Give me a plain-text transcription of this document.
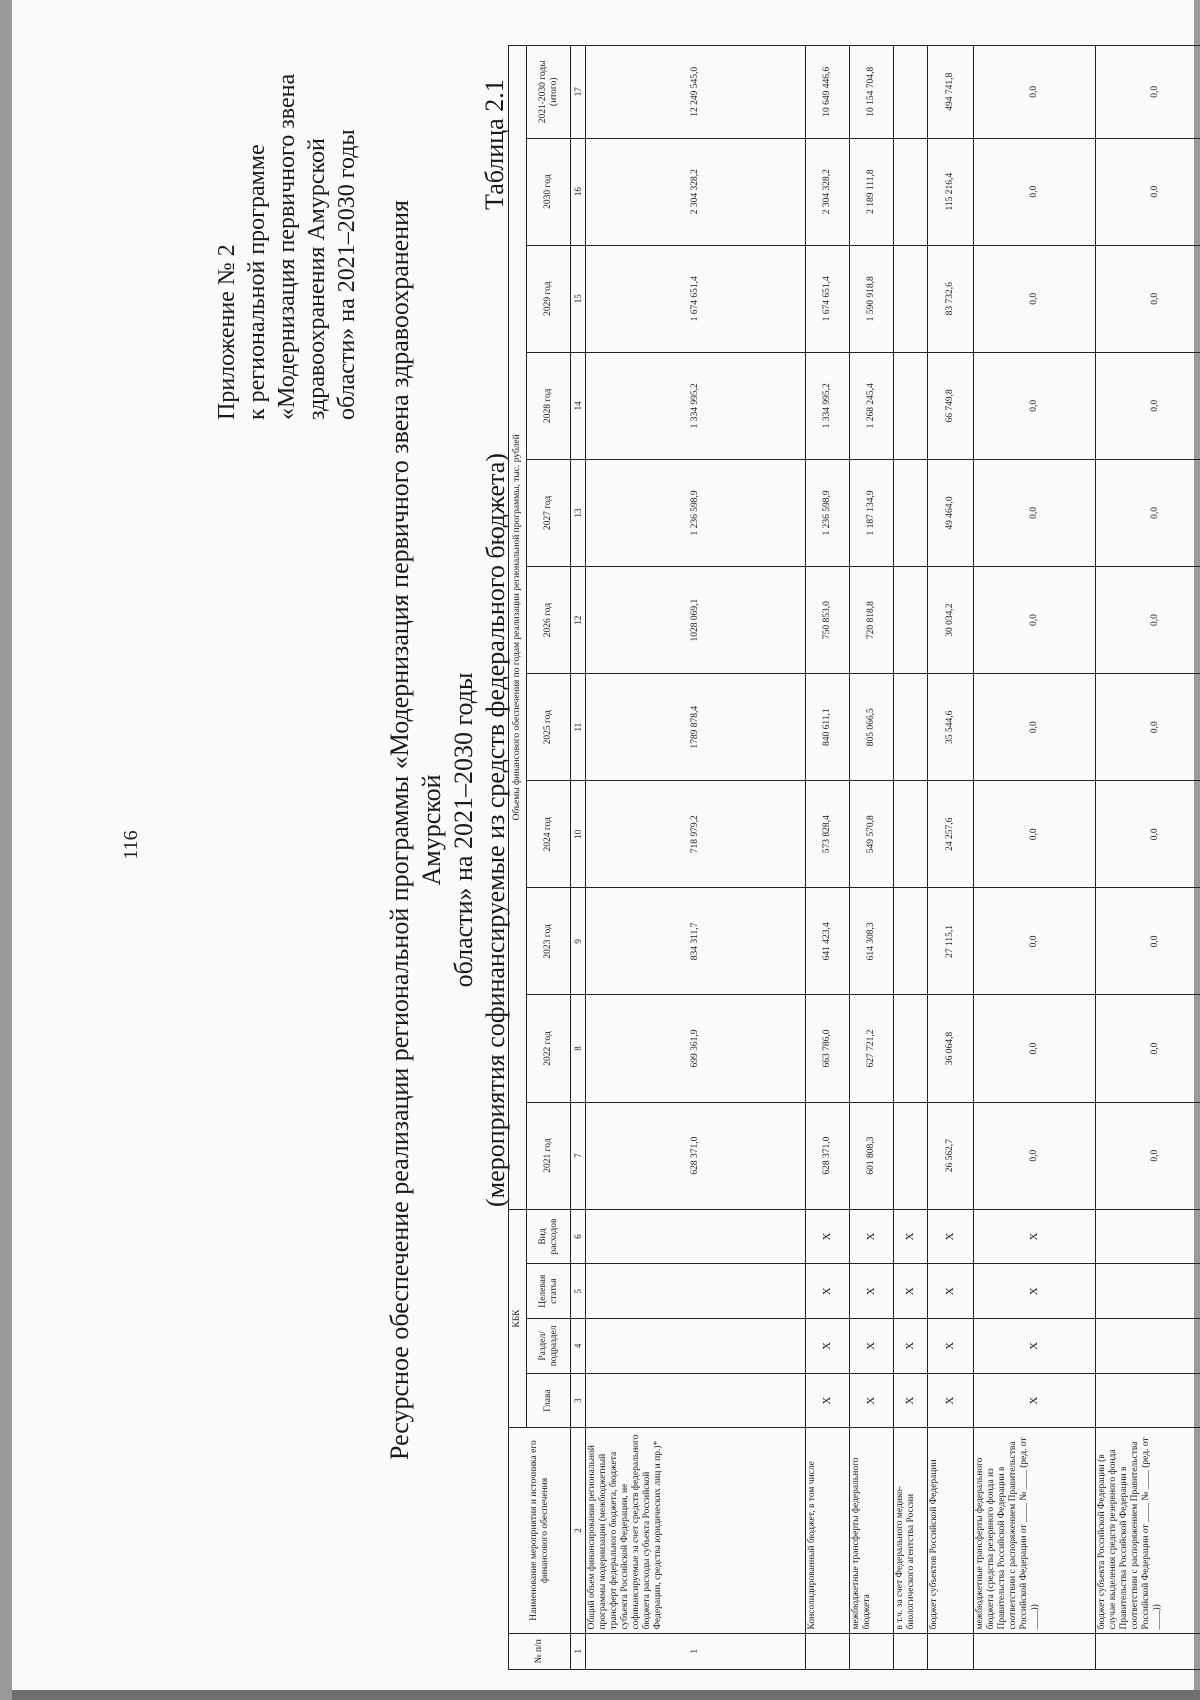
116
Приложение № 2 к региональной программе «Модернизация первичного звена здравоохранения Амурской области» на 2021–2030 годы	Таблица 2.1
Ресурсное обеспечение реализации региональной программы «Модернизация первичного звена здравоохранения Амурской области» на 2021–2030 годы (мероприятия софинансируемые из средств федерального бюджета)
№ п/п	Наименование мероприятия и источника его финансового обеспечения	КБК				Объемы финансового обеспечения по годам реализации региональной программы, тыс. рублей										
		Глава	Раздел/ подраздел	Целевая статья	Вид расходов	2021 год	2022 год	2023 год	2024 год	2025 год	2026 год	2027 год	2028 год	2029 год	2030 год	2021-2030 годы (итого)
1	2	3	4	5	6	7	8	9	10	11	12	13	14	15	16	17
1	Общий объем финансирования региональной программы модернизации (межбюджетный трансферт федерального бюджета, бюджета субъекта Российской Федерации, не софинансируемые за счет средств федерального бюджета расходы субъекта Российской Федерации, средства юридических лиц и пр.)*					628 371,0	699 361,9	834 311,7	718 979,2	1789 878,4	1028 069,1	1 236 598,9	1 334 995,2	1 674 651,4	2 304 328,2	12 249 545,0
	Консолидированный бюджет, в том числе	X	X	X	X	628 371,0	663 786,0	641 423,4	573 828,4	840 611,1	750 853,0	1 236 598,9	1 334 995,2	1 674 651,4	2 304 328,2	10 649 446,6
	межбюджетные трансферты федерального бюджета	X	X	X	X	601 808,3	627 721,2	614 308,3	549 570,8	805 066,5	720 818,8	1 187 134,9	1 268 245,4	1 590 918,8	2 189 111,8	10 154 704,8
	в т.ч. за счет Федерального медико-биологического агентства России	X	X	X	X											
	бюджет субъектов Российской Федерации	X	X	X	X	26 562,7	36 064,8	27 115,1	24 257,6	35 544,6	30 034,2	49 464,0	66 749,8	83 732,6	115 216,4	494 741,8
	межбюджетные трансферты федерального бюджета (средства резервного фонда из Правительства Российской Федерации в соответствии с распоряжением Правительства Российской Федерации от ____ № ____ (ред. от ____))	X	X	X	X	0,0	0,0	0,0	0,0	0,0	0,0	0,0	0,0	0,0	0,0	0,0
	бюджет субъекта Российской Федерации (в случае выделения средств резервного фонда Правительства Российской Федерации в соответствии с распоряжением Правительства Российской Федерации от ____ № ____ (ред. от ____))					0,0	0,0	0,0	0,0	0,0	0,0	0,0	0,0	0,0	0,0	0,0
